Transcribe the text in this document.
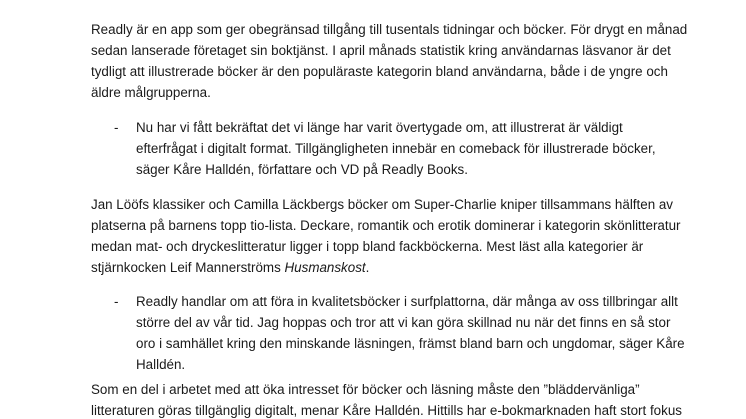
Readly är en app som ger obegränsad tillgång till tusentals tidningar och böcker. För drygt en månad
sedan lanserade företaget sin boktjänst. I april månads statistik kring användarnas läsvanor är det
tydligt att illustrerade böcker är den populäraste kategorin bland användarna, både i de yngre och
äldre målgrupperna.

- Nu har vi fått bekräftat det vi länge har varit övertygade om, att illustrerat är väldigt
efterfrågat i digitalt format. Tillgängligheten innebär en comeback för illustrerade böcker,
säger Kåre Halldén, författare och VD på Readly Books.

Jan Lööfs klassiker och Camilla Läckbergs böcker om Super-Charlie kniper tillsammans hälften av
platserna på barnens topp tio-lista. Deckare, romantik och erotik dominerar i kategorin skönlitteratur
medan mat- och dryckeslitteratur ligger i topp bland fackböckerna. Mest läst alla kategorier är
stjärnkocken Leif Mannerströms Husmanskost.

- Readly handlar om att föra in kvalitetsböcker i surfplattorna, där många av oss tillbringar allt
större del av vår tid. Jag hoppas och tror att vi kan göra skillnad nu när det finns en så stor
oro i samhället kring den minskande läsningen, främst bland barn och ungdomar, säger Kåre
Halldén.

Som en del i arbetet med att öka intresset för böcker och läsning måste den ”bläddervänliga”
litteraturen göras tillgänglig digitalt, menar Kåre Halldén. Hittills har e-bokmarknaden haft stort fokus
